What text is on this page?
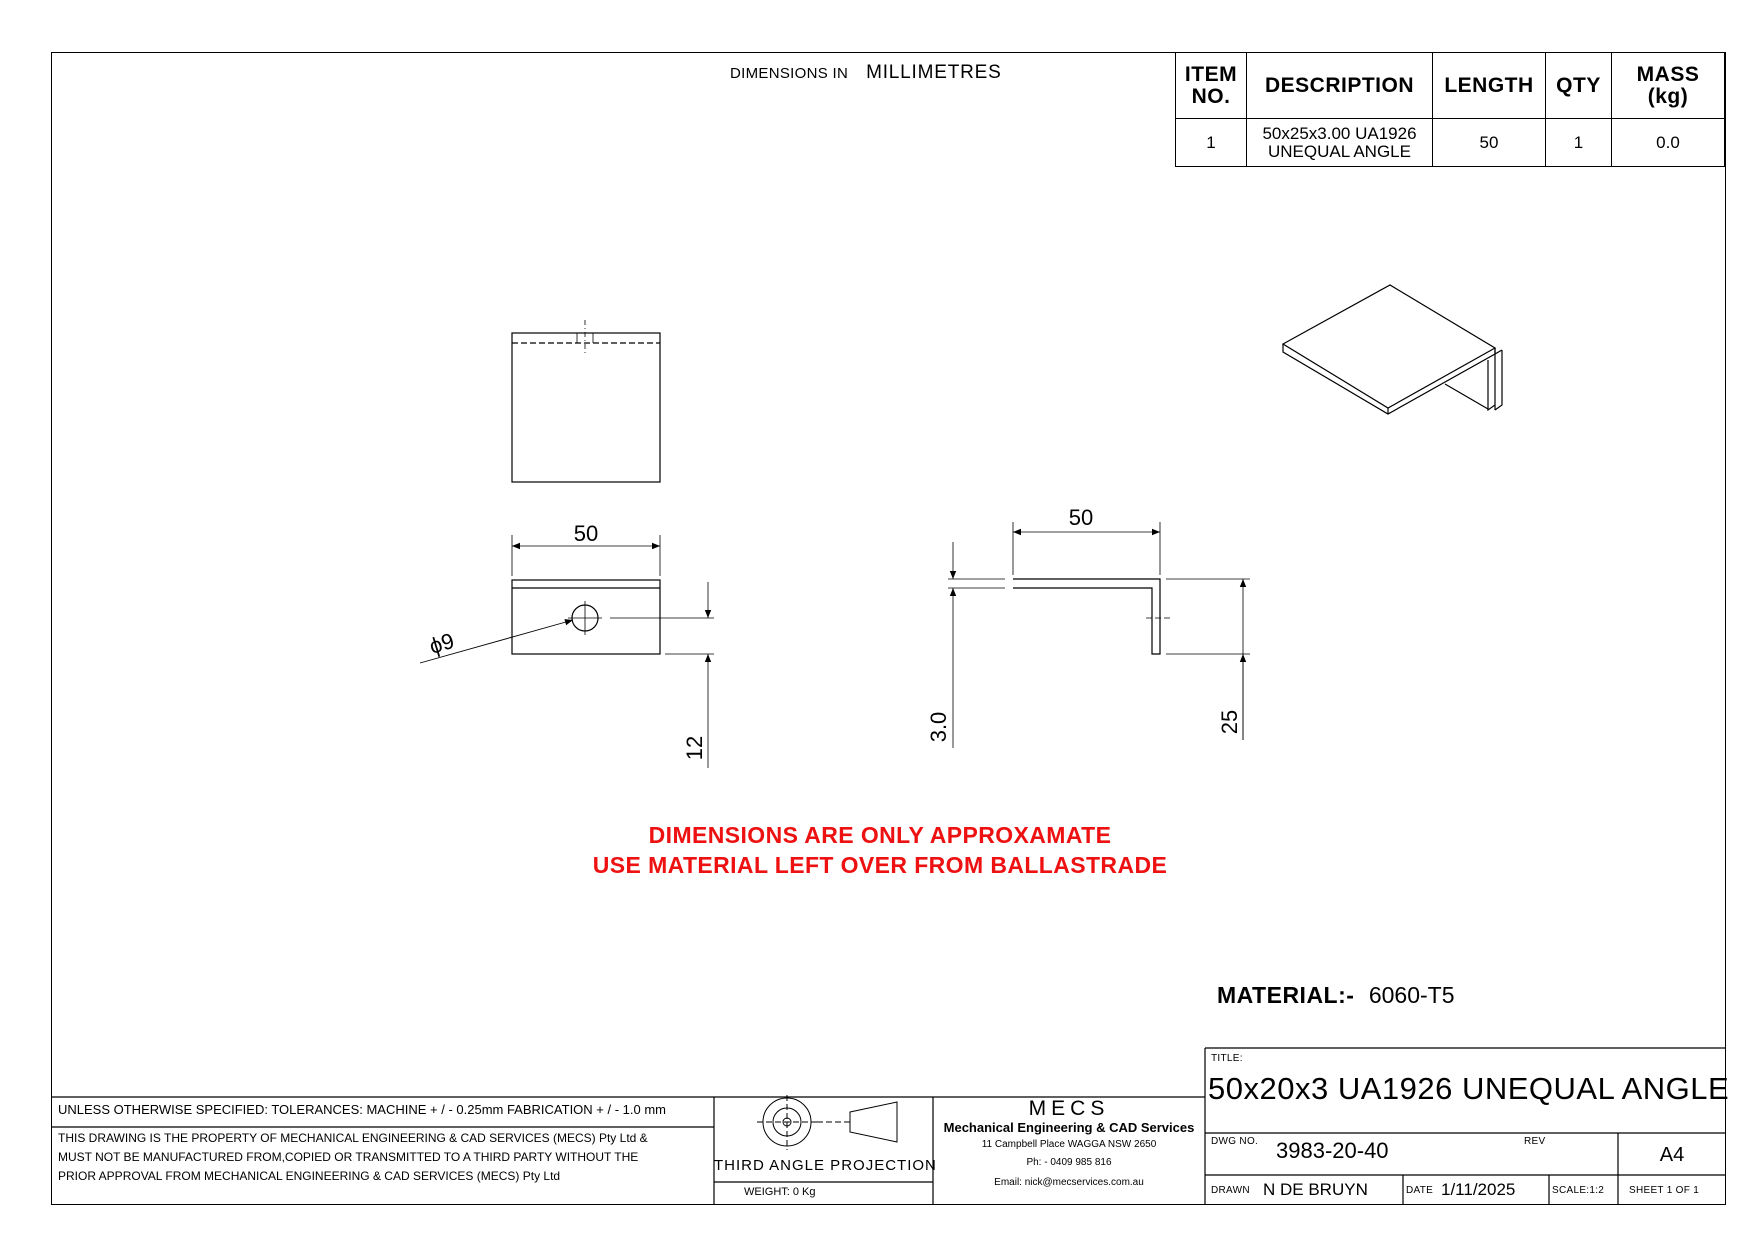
DIMENSIONS IN MILLIMETRES	ITEM
NO.	DESCRIPTION	LENGTH	QTY	MASS
(kg)
1	50x25x3.00 UA1926
UNEQUAL ANGLE	50	1	0.0
50
50
ϕ9
12
3.0	25
DIMENSIONS ARE ONLY APPROXAMATE
USE MATERIAL LEFT OVER FROM BALLASTRADE
MATERIAL:- 6060-T5
UNLESS OTHERWISE SPECIFIED: TOLERANCES: MACHINE + / - 0.25mm FABRICATION + / - 1.0 mm
THIS DRAWING IS THE PROPERTY OF MECHANICAL ENGINEERING & CAD SERVICES (MECS) Pty Ltd &
MUST NOT BE MANUFACTURED FROM,COPIED OR TRANSMITTED TO A THIRD PARTY WITHOUT THE
PRIOR APPROVAL FROM MECHANICAL ENGINEERING & CAD SERVICES (MECS) Pty Ltd
THIRD ANGLE PROJECTION
WEIGHT: 0 Kg
MECS
Mechanical Engineering & CAD Services
11 Campbell Place WAGGA NSW 2650
Ph: - 0409 985 816
Email: nick@mecservices.com.au
TITLE:
50x20x3 UA1926 UNEQUAL ANGLE
DWG NO. 3983-20-40	REV
A4
DRAWN N DE BRUYN	DATE 1/11/2025	SCALE:1:2 SHEET 1 OF 1
